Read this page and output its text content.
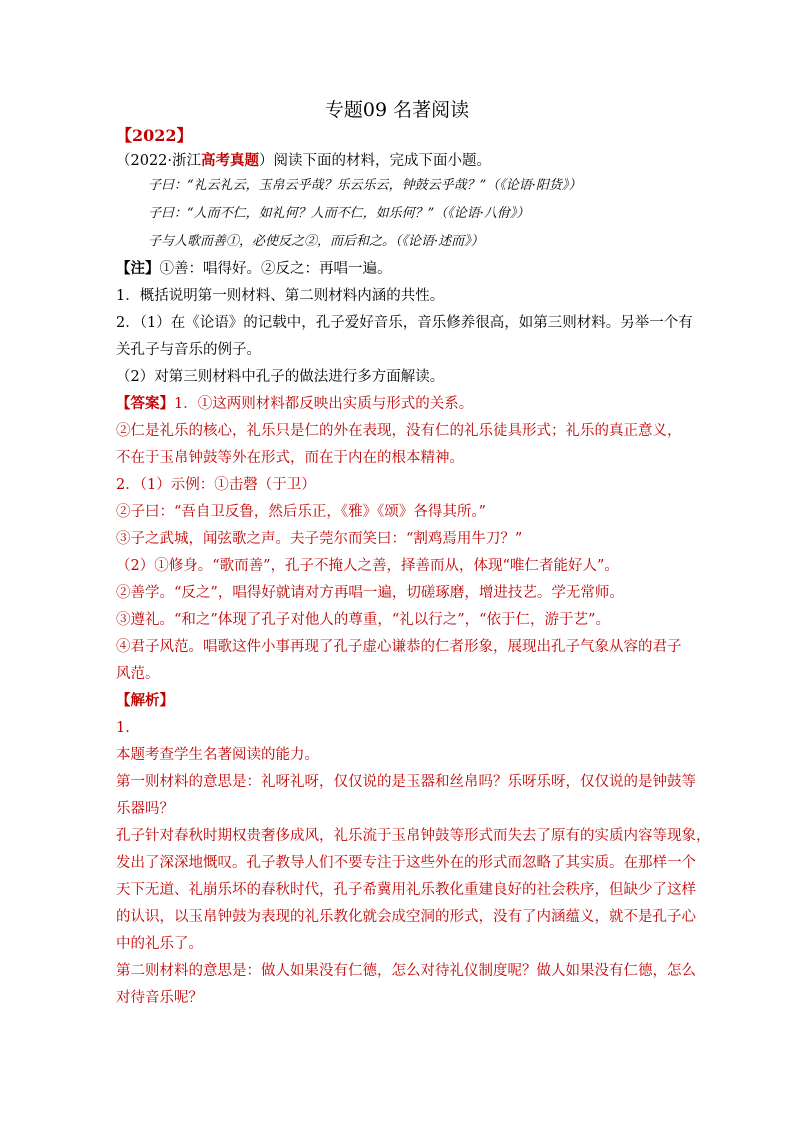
专题09 名著阅读
【2022】
（2022·浙江高考真题）阅读下面的材料，完成下面小题。
子曰：“礼云礼云，玉帛云乎哉？乐云乐云，钟鼓云乎哉？”（《论语·阳货》）
子曰：“人而不仁，如礼何？人而不仁，如乐何？”（《论语·八佾》）
子与人歌而善①，必使反之②，而后和之。（《论语·述而》）
【注】①善：唱得好。②反之：再唱一遍。
1．概括说明第一则材料、第二则材料内涵的共性。
2．（1）在《论语》的记载中，孔子爱好音乐，音乐修养很高，如第三则材料。另举一个有
关孔子与音乐的例子。
（2）对第三则材料中孔子的做法进行多方面解读。
【答案】1．①这两则材料都反映出实质与形式的关系。
②仁是礼乐的核心，礼乐只是仁的外在表现，没有仁的礼乐徒具形式；礼乐的真正意义，
不在于玉帛钟鼓等外在形式，而在于内在的根本精神。
2．（1）示例：①击磬（于卫）
②子曰：“吾自卫反鲁，然后乐正，《雅》《颂》各得其所。”
③子之武城，闻弦歌之声。夫子莞尔而笑曰：“割鸡焉用牛刀？”
（2）①修身。“歌而善”，孔子不掩人之善，择善而从，体现“唯仁者能好人”。
②善学。“反之”，唱得好就请对方再唱一遍，切磋琢磨，增进技艺。学无常师。
③遵礼。“和之”体现了孔子对他人的尊重，“礼以行之”，“依于仁，游于艺”。
④君子风范。唱歌这件小事再现了孔子虚心谦恭的仁者形象，展现出孔子气象从容的君子
风范。
【解析】
1．
本题考查学生名著阅读的能力。
第一则材料的意思是：礼呀礼呀，仅仅说的是玉器和丝帛吗？乐呀乐呀，仅仅说的是钟鼓等
乐器吗？
孔子针对春秋时期权贵奢侈成风，礼乐流于玉帛钟鼓等形式而失去了原有的实质内容等现象，
发出了深深地慨叹。孔子教导人们不要专注于这些外在的形式而忽略了其实质。在那样一个
天下无道、礼崩乐坏的春秋时代，孔子希冀用礼乐教化重建良好的社会秩序，但缺少了这样
的认识，以玉帛钟鼓为表现的礼乐教化就会成空洞的形式，没有了内涵蕴义，就不是孔子心
中的礼乐了。
第二则材料的意思是：做人如果没有仁德，怎么对待礼仪制度呢？做人如果没有仁德，怎么
对待音乐呢？
